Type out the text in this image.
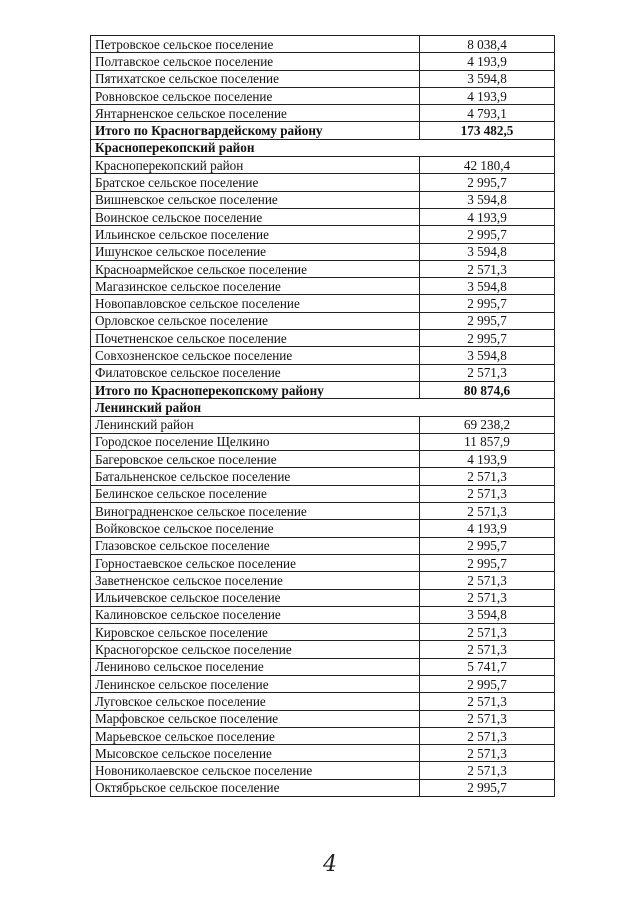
Петровское сельское поселение	8 038,4
Полтавское сельское поселение	4 193,9
Пятихатское сельское поселение	3 594,8
Ровновское сельское поселение	4 193,9
Янтарненское сельское поселение	4 793,1
Итого по Красногвардейскому району	173 482,5
Красноперекопский район	
Красноперекопский район	42 180,4
Братское сельское поселение	2 995,7
Вишневское сельское поселение	3 594,8
Воинское сельское поселение	4 193,9
Ильинское сельское поселение	2 995,7
Ишунское сельское поселение	3 594,8
Красноармейское сельское поселение	2 571,3
Магазинское сельское поселение	3 594,8
Новопавловское сельское поселение	2 995,7
Орловское сельское поселение	2 995,7
Почетненское сельское поселение	2 995,7
Совхозненское сельское поселение	3 594,8
Филатовское сельское поселение	2 571,3
Итого по Красноперекопскому району	80 874,6
Ленинский район	
Ленинский район	69 238,2
Городское поселение Щелкино	11 857,9
Багеровское сельское поселение	4 193,9
Батальненское сельское поселение	2 571,3
Белинское сельское поселение	2 571,3
Виноградненское сельское поселение	2 571,3
Войковское сельское поселение	4 193,9
Глазовское сельское поселение	2 995,7
Горностаевское сельское поселение	2 995,7
Заветненское сельское поселение	2 571,3
Ильичевское сельское поселение	2 571,3
Калиновское сельское поселение	3 594,8
Кировское сельское поселение	2 571,3
Красногорское сельское поселение	2 571,3
Лениново сельское поселение	5 741,7
Ленинское сельское поселение	2 995,7
Луговское сельское поселение	2 571,3
Марфовское сельское поселение	2 571,3
Марьевское сельское поселение	2 571,3
Мысовское сельское поселение	2 571,3
Новониколаевское сельское поселение	2 571,3
Октябрьское сельское поселение	2 995,7
4
